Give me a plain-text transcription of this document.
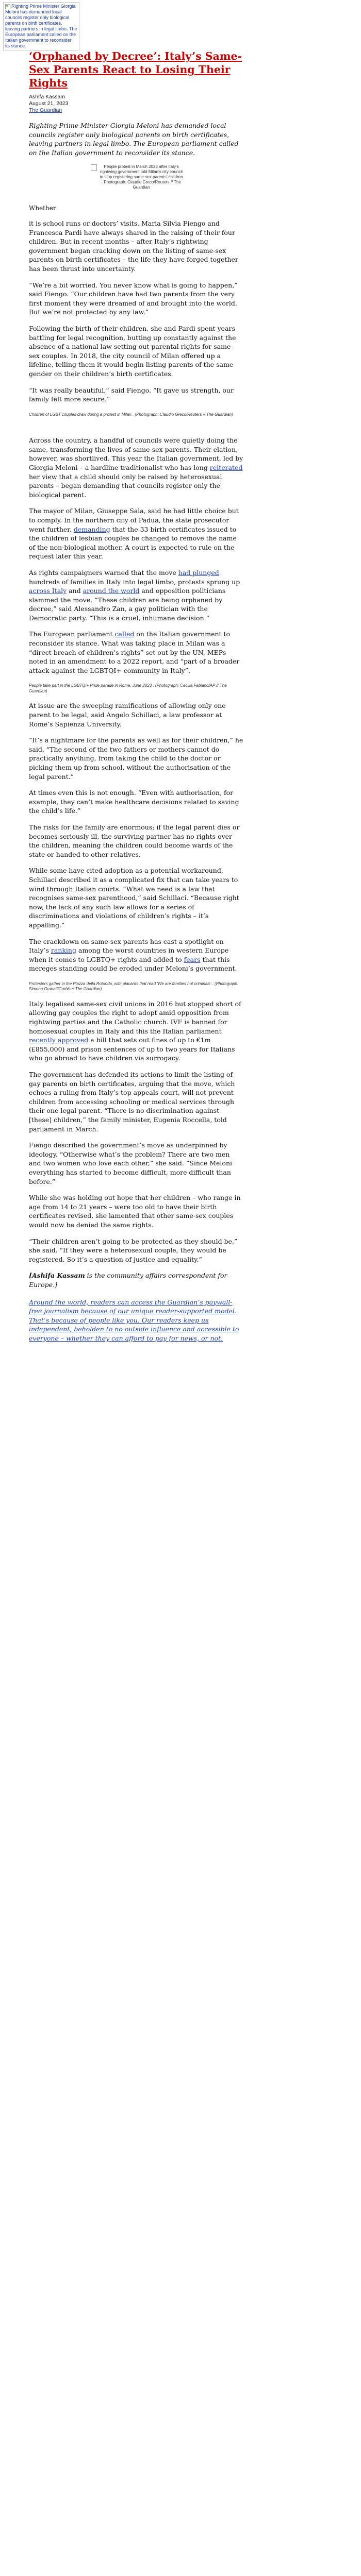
Righting Prime Minister Giorgia Meloni has demanded local councils register only biological parents on birth certificates, leaving partners in legal limbo. The European parliament called on the Italian government to reconsider its stance.
‘Orphaned by Decree’: Italy’s Same-Sex Parents React to Losing Their Rights
Ashifa Kassam
August 21, 2023
The Guardian

Righting Prime Minister Giorgia Meloni has demanded local councils register only biological parents on birth certificates, leaving partners in legal limbo. The European parliament called on the Italian government to reconsider its stance.

People protest in March 2023 after Italy’s rightwing government told Milan’s city council to stop registering same-sex parents’ children . Photograph: Claudio Greco/Reuters // The Guardian

Whether

it is school runs or doctors’ visits, Maria Silvia Fiengo and Francesca Pardi have always shared in the raising of their four children. But in recent months – after Italy’s rightwing government began cracking down on the listing of same-sex parents on birth certificates – the life they have forged together has been thrust into uncertainty.

“We’re a bit worried. You never know what is going to happen,” said Fiengo. “Our children have had two parents from the very first moment they were dreamed of and brought into the world. But we’re not protected by any law.”

Following the birth of their children, she and Pardi spent years battling for legal recognition, butting up constantly against the absence of a national law setting out parental rights for same-sex couples. In 2018, the city council of Milan offered up a lifeline, telling them it would begin listing parents of the same gender on their children’s birth certificates.

“It was really beautiful,” said Fiengo. “It gave us strength, our family felt more secure.”

Children of LGBT couples draw during a protest in Milan . (Photograph: Claudio Greco/Reuters // The Guardian)

Across the country, a handful of councils were quietly doing the same, transforming the lives of same-sex parents. Their elation, however, was shortlived. This year the Italian government, led by Giorgia Meloni – a hardline traditionalist who has long reiterated her view that a child should only be raised by heterosexual parents – began demanding that councils register only the biological parent.

The mayor of Milan, Giuseppe Sala, said he had little choice but to comply. In the northern city of Padua, the state prosecutor went further, demanding that the 33 birth certificates issued to the children of lesbian couples be changed to remove the name of the non-biological mother. A court is expected to rule on the request later this year.

As rights campaigners warned that the move had plunged hundreds of families in Italy into legal limbo, protests sprung up across Italy and around the world and opposition politicians slammed the move. “These children are being orphaned by decree,” said Alessandro Zan, a gay politician with the Democratic party. “This is a cruel, inhumane decision.”

The European parliament called on the Italian government to reconsider its stance. What was taking place in Milan was a “direct breach of children’s rights” set out by the UN, MEPs noted in an amendment to a 2022 report, and “part of a broader attack against the LGBTQI+ community in Italy”.

People take part in the LGBTQI+ Pride parade in Rome, June 2023 . (Photograph: Cecilia Fabiano/AP // The Guardian)

At issue are the sweeping ramifications of allowing only one parent to be legal, said Angelo Schillaci, a law professor at Rome’s Sapienza University.

“It’s a nightmare for the parents as well as for their children,” he said. “The second of the two fathers or mothers cannot do practically anything, from taking the child to the doctor or picking them up from school, without the authorisation of the legal parent.”

At times even this is not enough. “Even with authorisation, for example, they can’t make healthcare decisions related to saving the child’s life.”

The risks for the family are enormous; if the legal parent dies or becomes seriously ill, the surviving partner has no rights over the children, meaning the children could become wards of the state or handed to other relatives.

While some have cited adoption as a potential workaround, Schillaci described it as a complicated fix that can take years to wind through Italian courts. “What we need is a law that recognises same-sex parenthood,” said Schillaci. “Because right now, the lack of any such law allows for a series of discriminations and violations of children’s rights – it’s appalling.”

The crackdown on same-sex parents has cast a spotlight on Italy’s ranking among the worst countries in western Europe when it comes to LGBTQ+ rights and added to fears that this mereges standing could be eroded under Meloni’s government.

Protesters gather in the Piazza della Rotonda, with placards that read ‘We are families not criminals’ . (Photograph: Simona Granati/Corbis // The Guardian)

Italy legalised same-sex civil unions in 2016 but stopped short of allowing gay couples the right to adopt amid opposition from rightwing parties and the Catholic church. IVF is banned for homosexual couples in Italy and this the Italian parliament recently approved a bill that sets out fines of up to €1m (£855,000) and prison sentences of up to two years for Italians who go abroad to have children via surrogacy.

The government has defended its actions to limit the listing of gay parents on birth certificates, arguing that the move, which echoes a ruling from Italy’s top appeals court, will not prevent children from accessing schooling or medical services through their one legal parent. “There is no discrimination against [these] children,” the family minister, Eugenia Roccella, told parliament in March.

Fiengo described the government’s move as underpinned by ideology. “Otherwise what’s the problem? There are two men and two women who love each other,” she said. “Since Meloni everything has started to become difficult, more difficult than before.”

While she was holding out hope that her children – who range in age from 14 to 21 years – were too old to have their birth certificates revised, she lamented that other same-sex couples would now be denied the same rights.

“Their children aren’t going to be protected as they should be,” she said. “If they were a heterosexual couple, they would be registered. So it’s a question of justice and equality.”

[Ashifa Kassam is the community affairs correspondent for Europe.]

Around the world, readers can access the Guardian’s paywall-free journalism because of our unique reader-supported model. That’s because of people like you. Our readers keep us independent, beholden to no outside influence and accessible to everyone – whether they can afford to pay for news, or not.
